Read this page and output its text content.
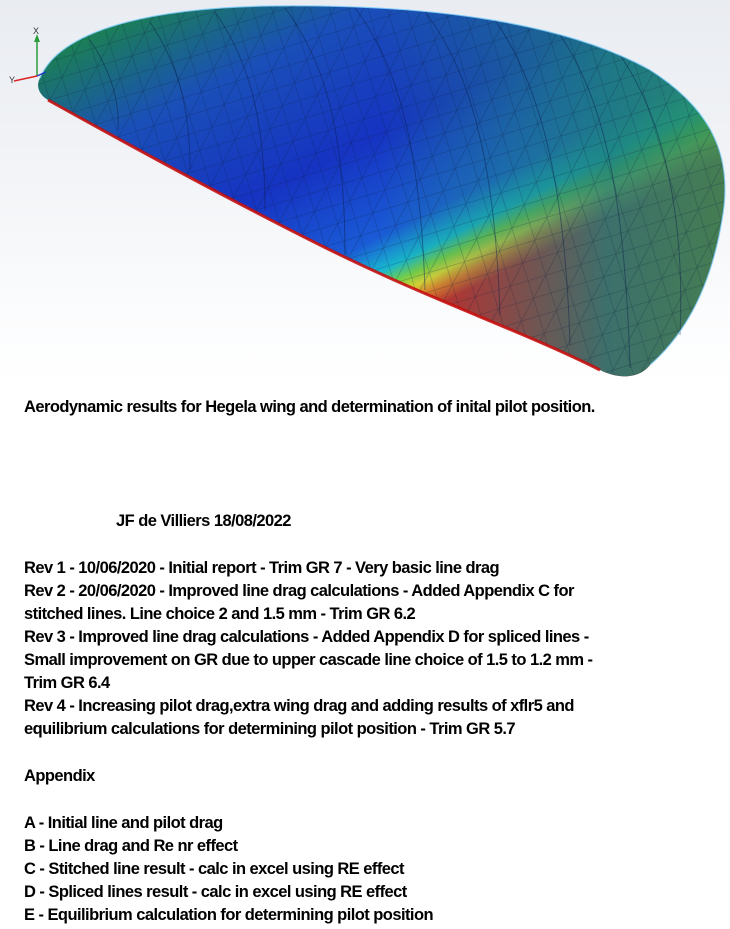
X
Y

Aerodynamic results for Hegela wing and determination of inital pilot position.

JF de Villiers 18/08/2022

Rev 1 - 10/06/2020 - Initial report - Trim GR 7 - Very basic line drag
Rev 2 - 20/06/2020 - Improved line drag calculations - Added Appendix C for
stitched lines. Line choice 2 and 1.5 mm - Trim GR 6.2
Rev 3 - Improved line drag calculations - Added Appendix D for spliced lines -
Small improvement on GR due to upper cascade line choice of 1.5 to 1.2 mm -
Trim GR 6.4
Rev 4 - Increasing pilot drag,extra wing drag and adding results of xflr5 and
equilibrium calculations for determining pilot position - Trim GR 5.7

Appendix

A - Initial line and pilot drag
B - Line drag and Re nr effect
C - Stitched line result - calc in excel using RE effect
D - Spliced lines result - calc in excel using RE effect
E - Equilibrium calculation for determining pilot position
